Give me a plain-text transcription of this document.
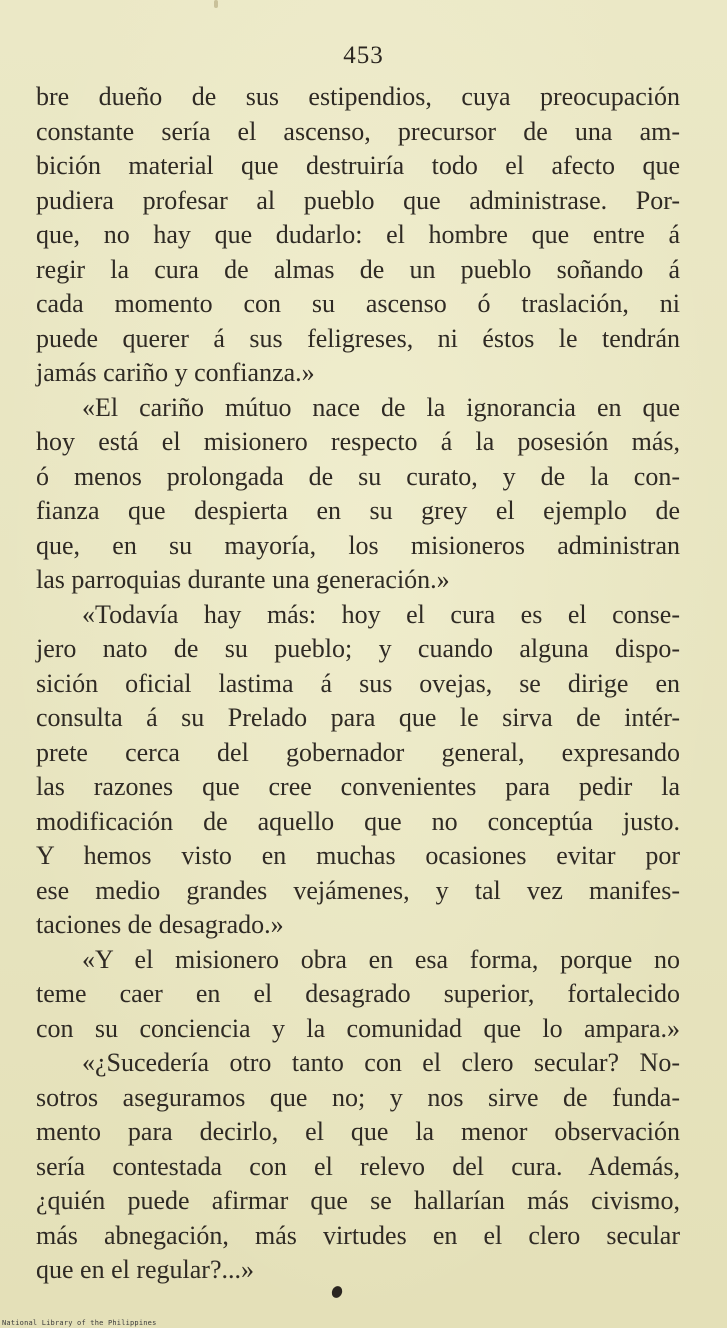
453
bre dueño de sus estipendios, cuya preocupación
constante sería el ascenso, precursor de una am-
bición material que destruiría todo el afecto que
pudiera profesar al pueblo que administrase. Por-
que, no hay que dudarlo: el hombre que entre á
regir la cura de almas de un pueblo soñando á
cada momento con su ascenso ó traslación, ni
puede querer á sus feligreses, ni éstos le tendrán
jamás cariño y confianza.»
«El cariño mútuo nace de la ignorancia en que
hoy está el misionero respecto á la posesión más,
ó menos prolongada de su curato, y de la con-
fianza que despierta en su grey el ejemplo de
que, en su mayoría, los misioneros administran
las parroquias durante una generación.»
«Todavía hay más: hoy el cura es el conse-
jero nato de su pueblo; y cuando alguna dispo-
sición oficial lastima á sus ovejas, se dirige en
consulta á su Prelado para que le sirva de intér-
prete cerca del gobernador general, expresando
las razones que cree convenientes para pedir la
modificación de aquello que no conceptúa justo.
Y hemos visto en muchas ocasiones evitar por
ese medio grandes vejámenes, y tal vez manifes-
taciones de desagrado.»
«Y el misionero obra en esa forma, porque no
teme caer en el desagrado superior, fortalecido
con su conciencia y la comunidad que lo ampara.»
«¿Sucedería otro tanto con el clero secular? No-
sotros aseguramos que no; y nos sirve de funda-
mento para decirlo, el que la menor observación
sería contestada con el relevo del cura. Además,
¿quién puede afirmar que se hallarían más civismo,
más abnegación, más virtudes en el clero secular
que en el regular?...»
National Library of the Philippines
